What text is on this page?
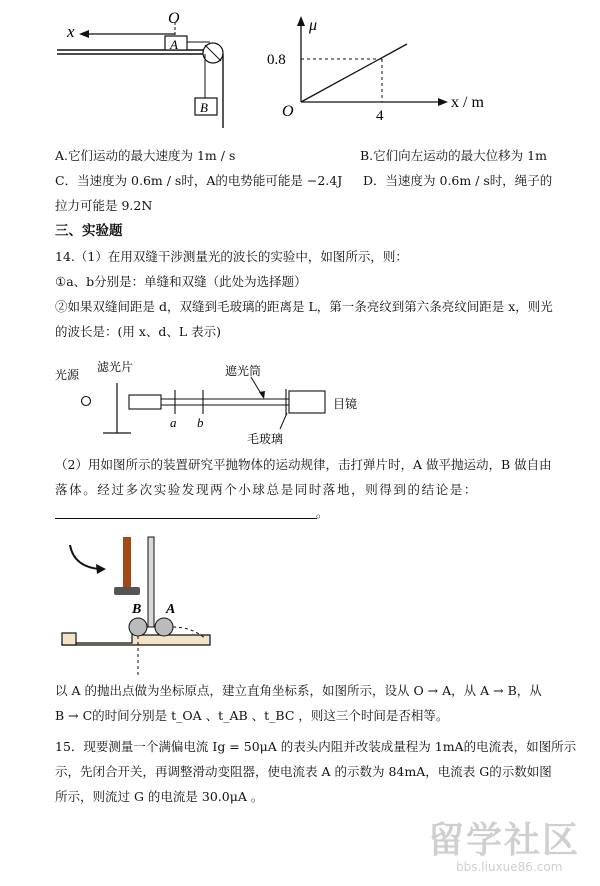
x
O
A
B
μ
0.8
4
O
x / m
A.它们运动的最大速度为 1m / s	B.它们向左运动的最大位移为 1m
C．当速度为 0.6m / s时，A的电势能可能是 −2.4J D．当速度为 0.6m / s时，绳子的
拉力可能是 9.2N
三、实验题
14.（1）在用双缝干涉测量光的波长的实验中，如图所示，则：
①a、b分别是：单缝和双缝（此处为选择题）
②如果双缝间距是 d，双缝到毛玻璃的距离是 L，第一条亮纹到第六条亮纹间距是 x，则光
的波长是：(用 x、d、L 表示)
光源
滤光片	遮光筒
目镜
毛玻璃
a b
（2）用如图所示的装置研究平抛物体的运动规律，击打弹片时，A 做平抛运动，B 做自由
落体。经过多次实验发现两个小球总是同时落地，则得到的结论是：
。
B A
以 A 的抛出点做为坐标原点，建立直角坐标系，如图所示，设从 O → A，从 A → B，从
B → C的时间分别是 t_OA 、t_AB 、t_BC ，则这三个时间是否相等。
15．现要测量一个满偏电流 Ig = 50μA 的表头内阻并改装成量程为 1mA的电流表，如图所示
示，先闭合开关，再调整滑动变阻器，使电流表 A 的示数为 84mA，电流表 G的示数如图
所示，则流过 G 的电流是 30.0μA 。
留学社区
bbs.liuxue86.com
